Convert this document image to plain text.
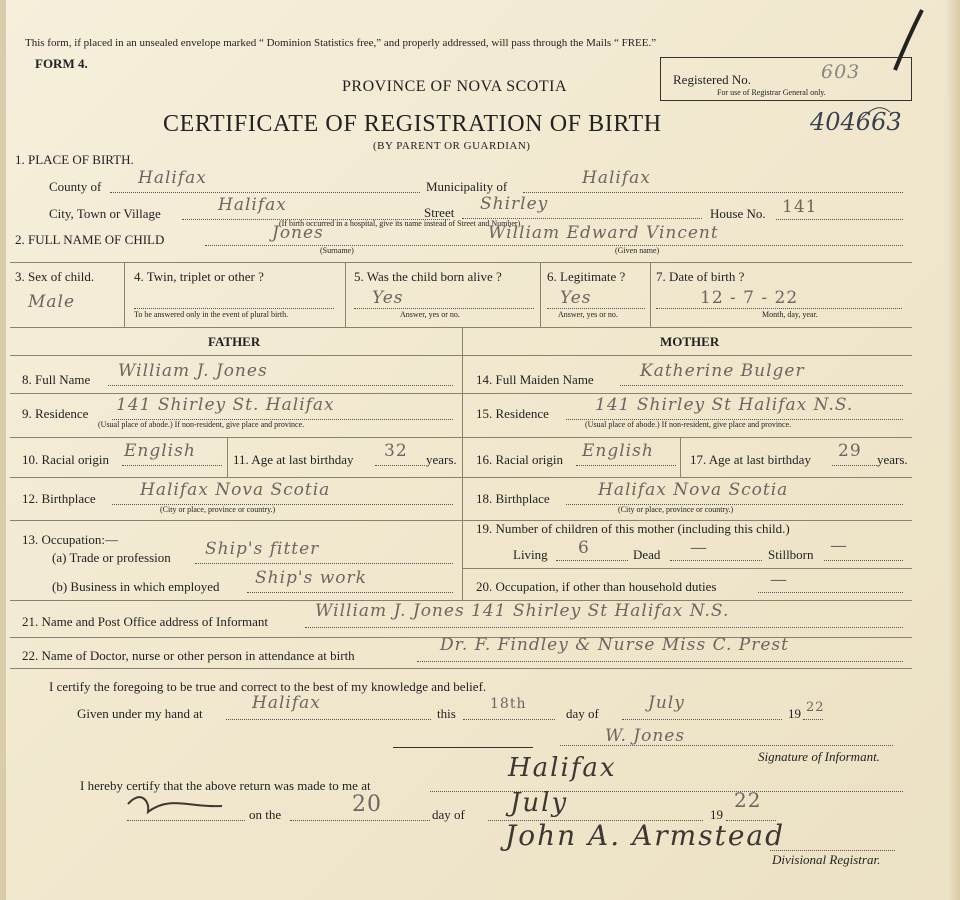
This form, if placed in an unsealed envelope marked “ Dominion Statistics free,” and properly addressed, will pass through the Mails “ FREE.”
FORM 4.
PROVINCE OF NOVA SCOTIA
CERTIFICATE OF REGISTRATION OF BIRTH
(BY PARENT OR GUARDIAN)
Registered No.
For use of Registrar General only.
603
404663
1. PLACE OF BIRTH.
County of Halifax	Municipality of	Halifax
City, Town or Village	Halifax	Street Shirley
(If birth occurred in a hospital, give its name instead of Street and Number)
House No. 141
2. FULL NAME OF CHILD	Jones	William Edward Vincent
(Surname)	(Given name)
3. Sex of child.
Male
4. Twin, triplet or other ?
To be answered only in the event of plural birth.
5. Was the child born alive ?
Yes
Answer, yes or no.
6. Legitimate ?
Yes
Answer, yes or no.
7. Date of birth ?
12 - 7 - 22
Month, day, year.
FATHER	MOTHER
8. Full Name William J. Jones
9. Residence 141 Shirley St. Halifax
(Usual place of abode.) If non-resident, give place and province.
10. Racial origin English	11. Age at last birthday 32 years.
12. Birthplace	Halifax Nova Scotia
(City or place, province or country.)
13. Occupation:—
(a) Trade or profession Ship's fitter
(b) Business in which employed Ship's work
14. Full Maiden Name	Katherine Bulger
15. Residence	141 Shirley St Halifax N.S.
(Usual place of abode.) If non-resident, give place and province.
16. Racial origin English	17. Age at last birthday 29 years.
18. Birthplace	Halifax Nova Scotia
(City or place, province or country.)
19. Number of children of this mother (including this child.)
Living 6	Dead —	Stillborn —
20. Occupation, if other than household duties	—
21. Name and Post Office address of Informant
William J. Jones 141 Shirley St Halifax N.S.
22. Name of Doctor, nurse or other person in attendance at birth
Dr. F. Findley & Nurse Miss C. Prest
I certify the foregoing to be true and correct to the best of my knowledge and belief.
Given under my hand at
Halifax
this
18th
day of
July
19 22
W. Jones
Signature of Informant.
I hereby certify that the above return was made to me at
Halifax
on the	20	day of July	19
22
John A. Armstead
Divisional Registrar.
